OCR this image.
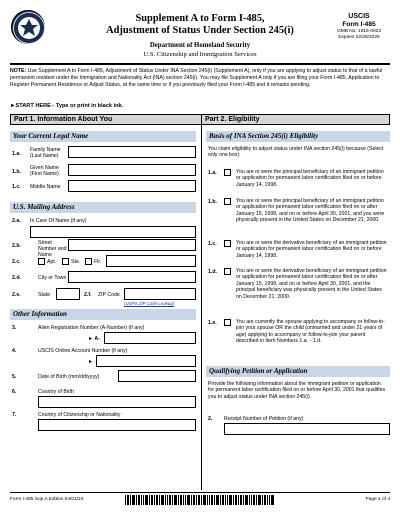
Supplement A to Form I-485,
Adjustment of Status Under Section 245(i)
Department of Homeland Security
U.S. Citizenship and Immigration Services
USCIS
Form I-485
OMB No. 1615-0023
Expires 02/28/2026
NOTE: Use Supplement A to Form I-485, Adjustment of Status Under INA Section 245(i) (Supplement A), only if you are applying to adjust status to that of a lawful permanent resident under the Immigration and Nationality Act (INA) section 245(i). You may file Supplement A only if you are filing your Form I-485, Application to Register Permanent Residence or Adjust Status, at the same time or if you previously filed your Form I-485 and it remains pending.
►START HERE - Type or print in black ink.
Part 1. Information About You	Part 2. Eligibility
Your Current Legal Name
1.a.
Family Name (Last Name)
1.b.
Given Name (First Name)
1.c. Middle Name
U.S. Mailing Address
2.a. In Care Of Name (if any)
2.b.	Street Number and Name
2.c.	Apt.	Ste.	Flr.
2.d.	City or Town
2.e.	State	2.f. ZIP Code
(USPS ZIP Code Lookup)
Other Information
3.	Alien Registration Number (A-Number) (if any)
► A-
4.	USCIS Online Account Number (if any)
►
5.	Date of Birth (mm/dd/yyyy)
6.	Country of Birth
7.	Country of Citizenship or Nationality
Basis of INA Section 245(i) Eligibility
You claim eligibility to adjust status under INA section 245(i) because (Select only one box):
1.a.	You are or were the principal beneficiary of an immigrant petition or application for permanent labor certification filed on or before January 14, 1998.
1.b.	You are or were the principal beneficiary of an immigrant petition or application for permanent labor certification filed on or after January 15, 1998, and on or before April 30, 2001, and you were physically present in the United States on December 21, 2000.
1.c.	You are or were the derivative beneficiary of an immigrant petition or application for permanent labor certification filed on or before January 14, 1998.
1.d.	You are or were the derivative beneficiary of an immigrant petition or application for permanent labor certification filed on or after January 15, 1998, and on or before April 30, 2001, and the principal beneficiary was physically present in the United States on December 21, 2000.
1.e.	You are currently the spouse applying to accompany or follow-to-join your spouse OR the child (unmarried and under 21 years of age) applying to accompany or follow-to-join your parent described in Item Numbers 1.a. - 1.d.
Qualifying Petition or Application
Provide the following information about the immigrant petition or application for permanent labor certification filed on or before April 30, 2001 that qualifies you to adjust status under INA section 245(i).
2. Receipt Number of Petition (if any)
Form I-485 Sup A Edition 04/01/24	Page 1 of 4
